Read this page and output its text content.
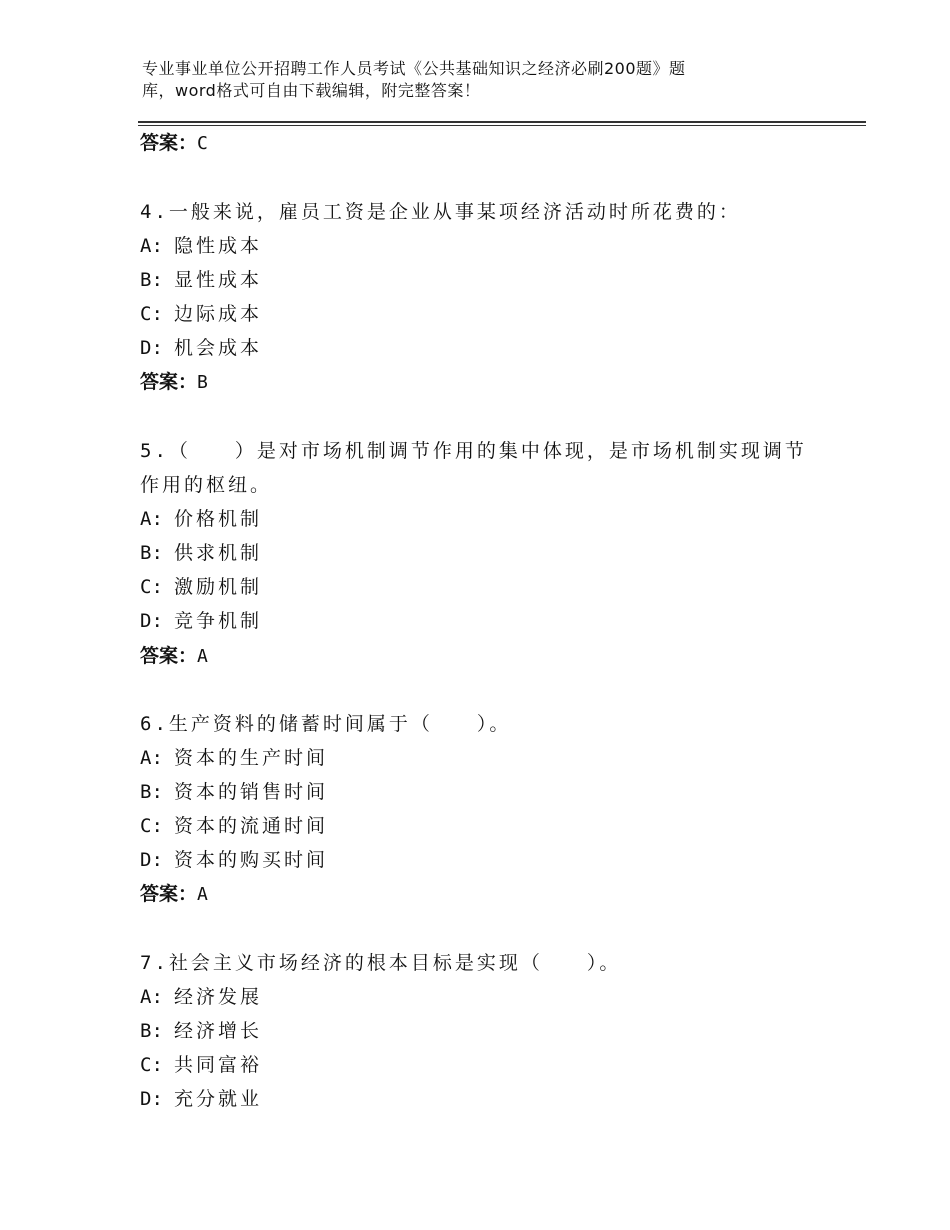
专业事业单位公开招聘工作人员考试《公共基础知识之经济必刷200题》题
库，word格式可自由下载编辑，附完整答案！
答案：C
4.一般来说，雇员工资是企业从事某项经济活动时所花费的：
A: 隐性成本
B: 显性成本
C: 边际成本
D: 机会成本
答案：B
5.（　　）是对市场机制调节作用的集中体现，是市场机制实现调节
作用的枢纽。
A: 价格机制
B: 供求机制
C: 激励机制
D: 竞争机制
答案：A
6.生产资料的储蓄时间属于（　　）。
A: 资本的生产时间
B: 资本的销售时间
C: 资本的流通时间
D: 资本的购买时间
答案：A
7.社会主义市场经济的根本目标是实现（　　）。
A: 经济发展
B: 经济增长
C: 共同富裕
D: 充分就业
